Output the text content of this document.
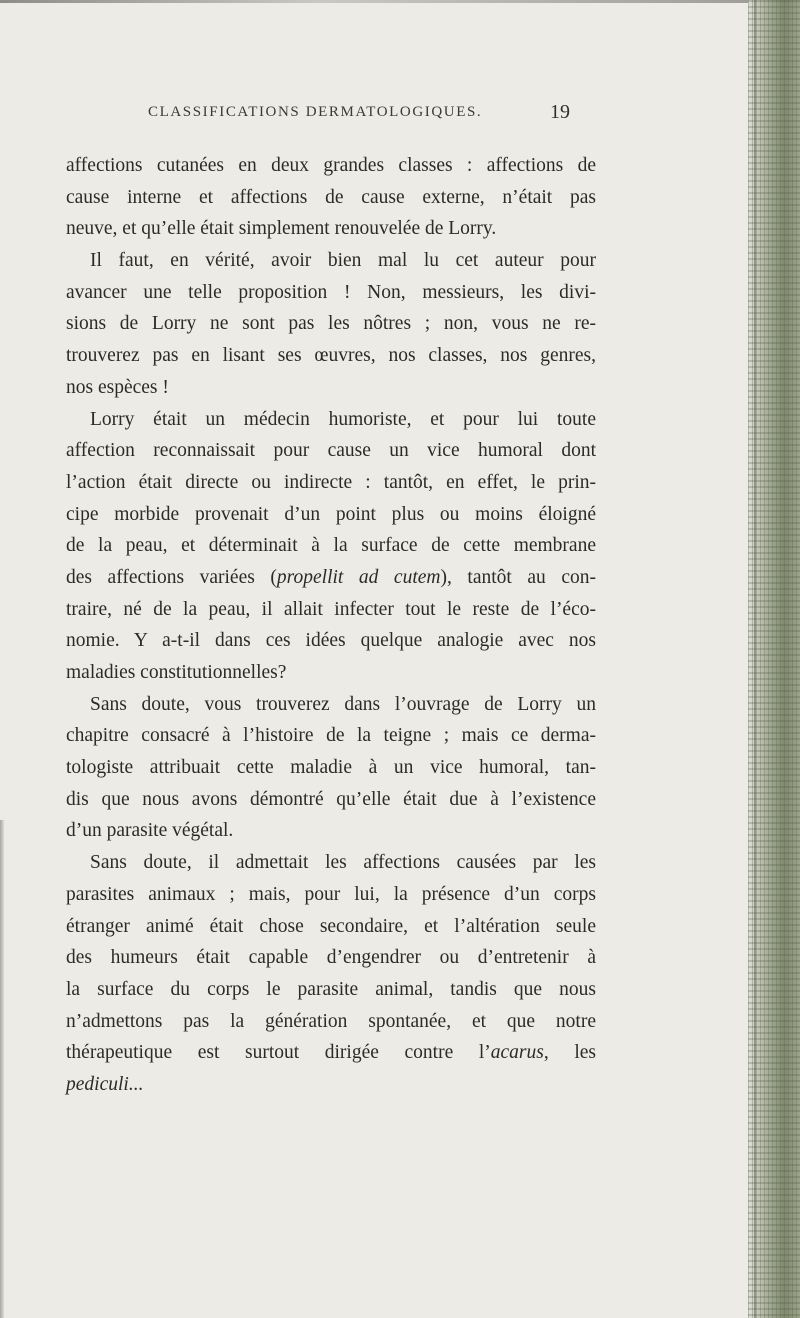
CLASSIFICATIONS DERMATOLOGIQUES.	19
affections cutanées en deux grandes classes : affections de
cause interne et affections de cause externe, n’était pas
neuve, et qu’elle était simplement renouvelée de Lorry.
Il faut, en vérité, avoir bien mal lu cet auteur pour
avancer une telle proposition ! Non, messieurs, les divi-
sions de Lorry ne sont pas les nôtres ; non, vous ne re-
trouverez pas en lisant ses œuvres, nos classes, nos genres,
nos espèces !
Lorry était un médecin humoriste, et pour lui toute
affection reconnaissait pour cause un vice humoral dont
l’action était directe ou indirecte : tantôt, en effet, le prin-
cipe morbide provenait d’un point plus ou moins éloigné
de la peau, et déterminait à la surface de cette membrane
des affections variées (propellit ad cutem), tantôt au con-
traire, né de la peau, il allait infecter tout le reste de l’éco-
nomie. Y a-t-il dans ces idées quelque analogie avec nos
maladies constitutionnelles?
Sans doute, vous trouverez dans l’ouvrage de Lorry un
chapitre consacré à l’histoire de la teigne ; mais ce derma-
tologiste attribuait cette maladie à un vice humoral, tan-
dis que nous avons démontré qu’elle était due à l’existence
d’un parasite végétal.
Sans doute, il admettait les affections causées par les
parasites animaux ; mais, pour lui, la présence d’un corps
étranger animé était chose secondaire, et l’altération seule
des humeurs était capable d’engendrer ou d’entretenir à
la surface du corps le parasite animal, tandis que nous
n’admettons pas la génération spontanée, et que notre
thérapeutique est surtout dirigée contre l’acarus, les
pediculi...
